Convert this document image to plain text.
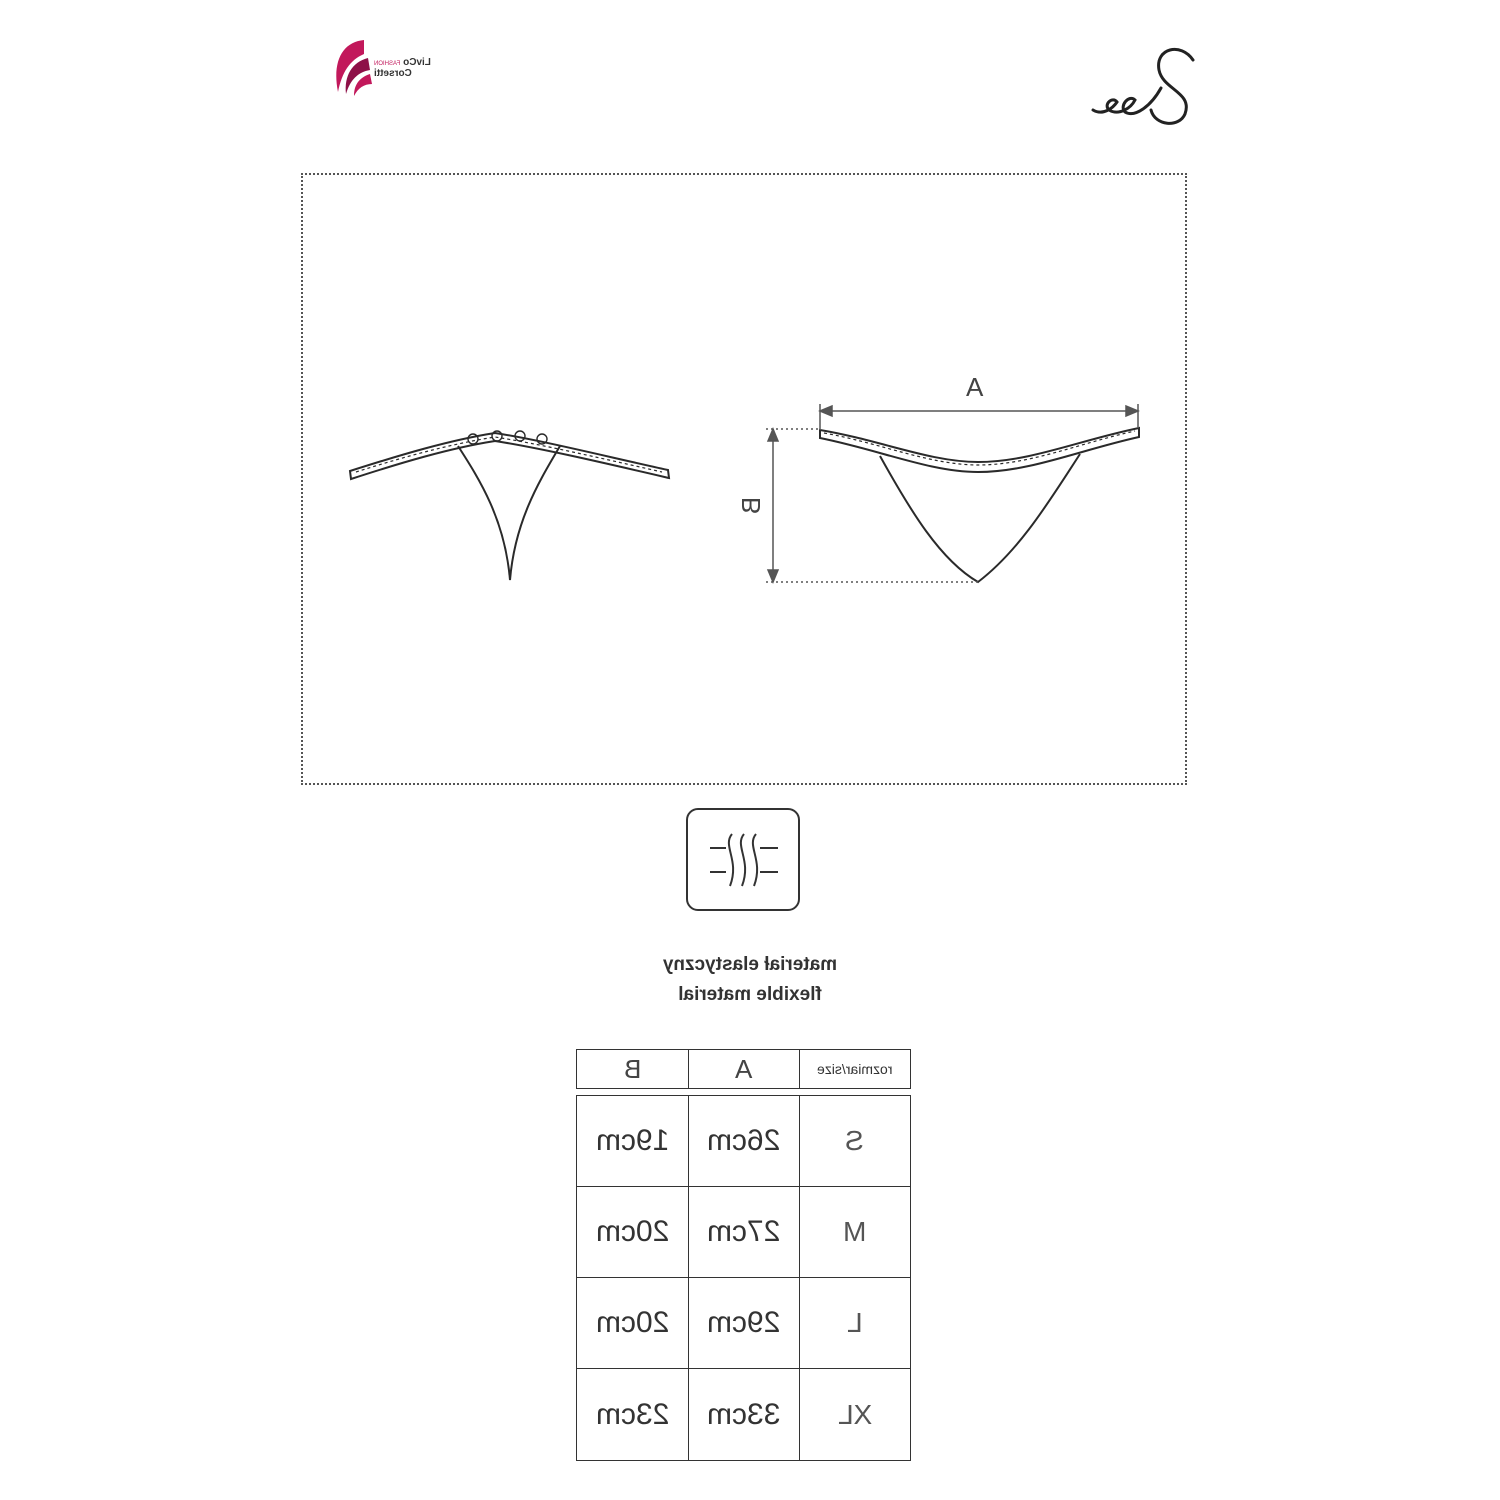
LivCo FASHION
Corsetti
A
B
materiał elastyczny
flexible material
rozmiar/size
A
B
S
26cm
19cm
M
27cm
20cm
L
29cm
20cm
XL
33cm
23cm
